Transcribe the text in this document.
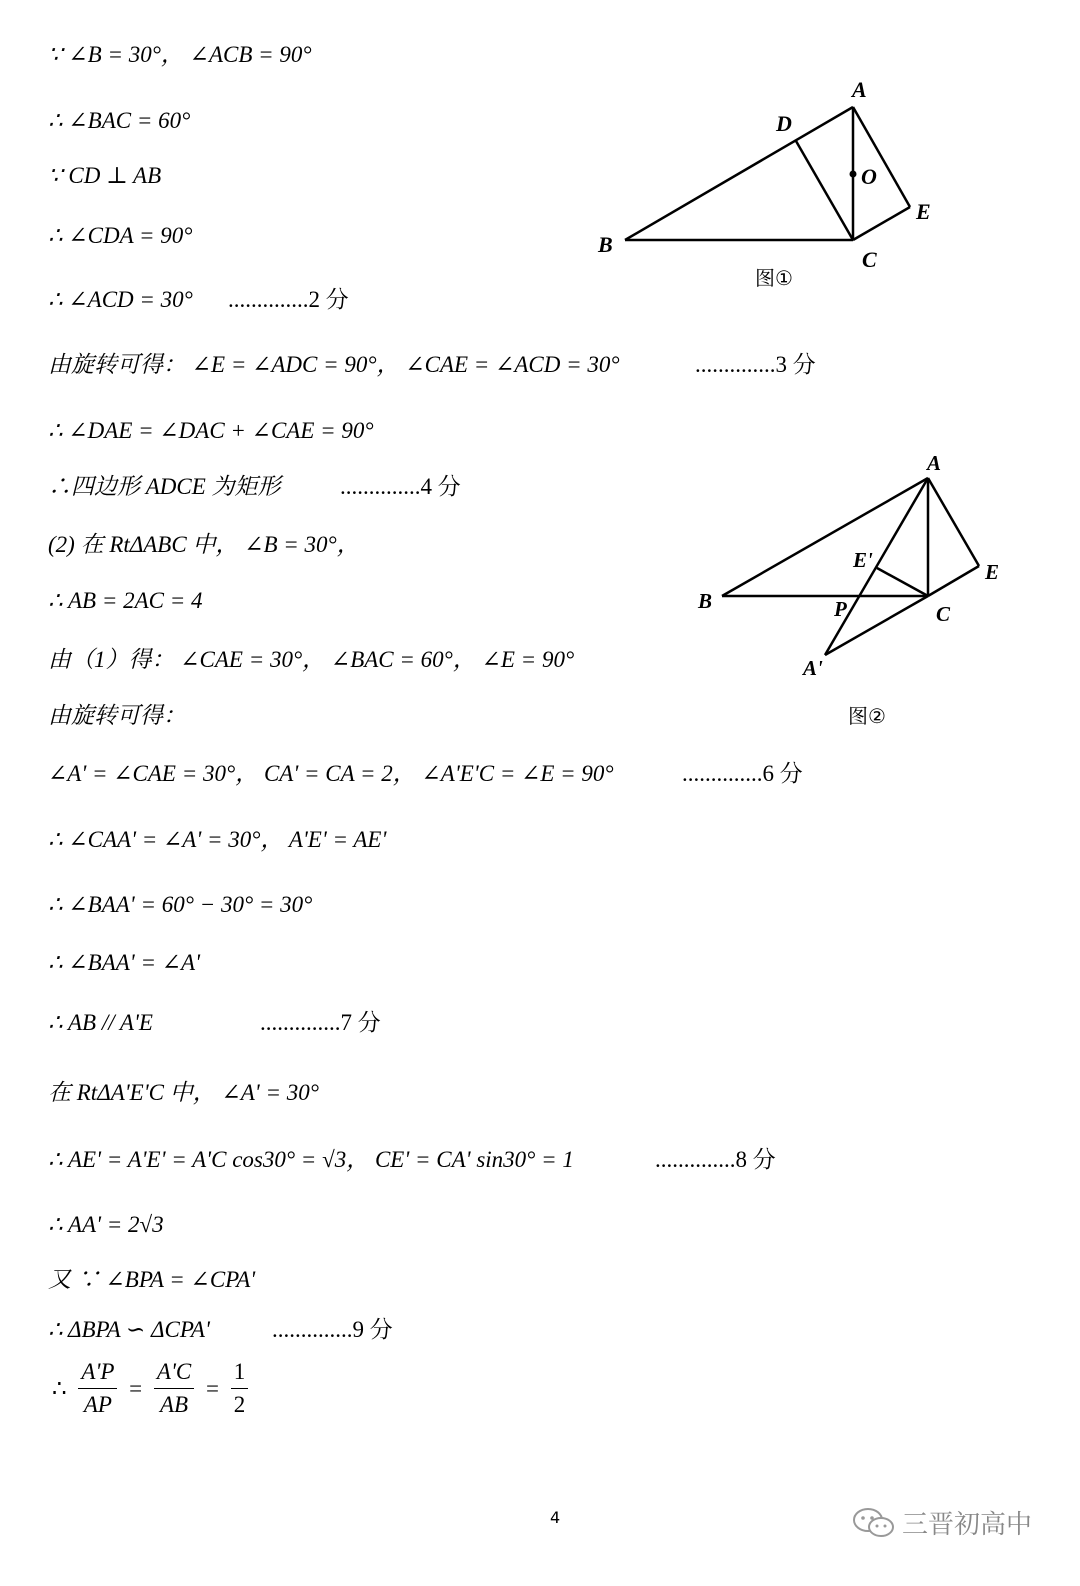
∵ ∠B = 30°， ∠ACB = 90°
∴ ∠BAC = 60°
∵ CD ⊥ AB
∴ ∠CDA = 90°
∴ ∠ACD = 30°
由旋转可得： ∠E = ∠ADC = 90°， ∠CAE = ∠ACD = 30°
∴ ∠DAE = ∠DAC + ∠CAE = 90°
∴四边形 ADCE 为矩形
(2) 在 RtΔABC 中， ∠B = 30°，
∴ AB = 2AC = 4
由（1）得： ∠CAE = 30°， ∠BAC = 60°， ∠E = 90°
由旋转可得：
∠A' = ∠CAE = 30°， CA' = CA = 2， ∠A'E'C = ∠E = 90°
∴ ∠CAA' = ∠A' = 30°， A'E' = AE'
∴ ∠BAA' = 60° − 30° = 30°
∴ ∠BAA' = ∠A'
∴ AB // A'E
在 RtΔA'E'C 中， ∠A' = 30°
∴ AE' = A'E' = A'C cos30° = √3， CE' = CA' sin30° = 1
∴ AA' = 2√3
又 ∵ ∠BPA = ∠CPA'
∴ ΔBPA ∽ ΔCPA'
..............2 分
..............3 分
..............4 分
..............6 分
..............7 分
..............8 分
..............9 分
∴ $\frac{A'P}{AP} = \frac{A'C}{AB} = \frac{1}{2}$
A
D
O
E
B
C
图①
A
E'	E
B	P	C
A'
图②
4	三晋初高中
